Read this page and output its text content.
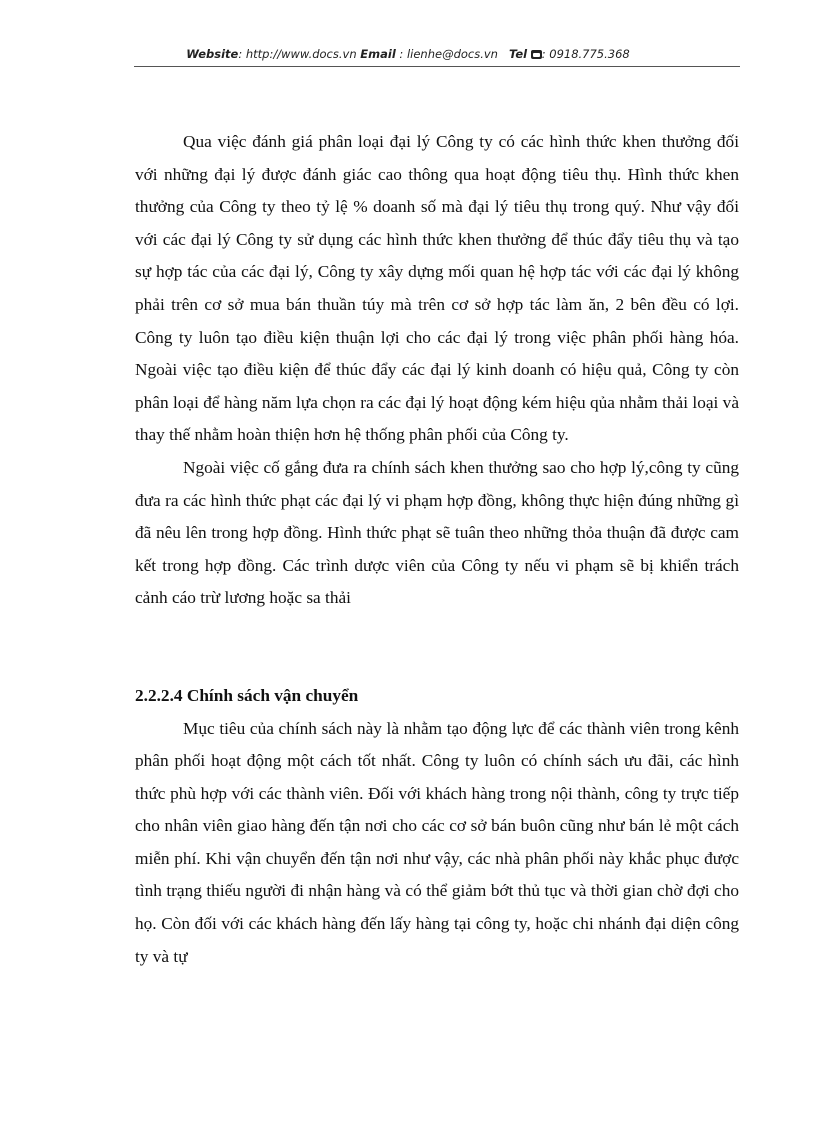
Website: http://www.docs.vn Email : lienhe@docs.vn Tel : 0918.775.368

Qua việc đánh giá phân loại đại lý Công ty có các hình thức khen thưởng đối với những đại lý được đánh giác cao thông qua hoạt động tiêu thụ. Hình thức khen thưởng của Công ty theo tỷ lệ % doanh số mà đại lý tiêu thụ trong quý. Như vậy đối với các đại lý Công ty sử dụng các hình thức khen thưởng để thúc đẩy tiêu thụ và tạo sự hợp tác của các đại lý, Công ty xây dựng mối quan hệ hợp tác với các đại lý không phải trên cơ sở mua bán thuần túy mà trên cơ sở hợp tác làm ăn, 2 bên đều có lợi. Công ty luôn tạo điều kiện thuận lợi cho các đại lý trong việc phân phối hàng hóa. Ngoài việc tạo điều kiện để thúc đẩy các đại lý kinh doanh có hiệu quả, Công ty còn phân loại để hàng năm lựa chọn ra các đại lý hoạt động kém hiệu qủa nhằm thải loại và thay thế nhằm hoàn thiện hơn hệ thống phân phối của Công ty.

Ngoài việc cố gắng đưa ra chính sách khen thưởng sao cho hợp lý,công ty cũng đưa ra các hình thức phạt các đại lý vi phạm hợp đồng, không thực hiện đúng những gì đã nêu lên trong hợp đồng. Hình thức phạt sẽ tuân theo những thỏa thuận đã được cam kết trong hợp đồng. Các trình dược viên của Công ty nếu vi phạm sẽ bị khiển trách cảnh cáo trừ lương hoặc sa thải

2.2.2.4 Chính sách vận chuyển

Mục tiêu của chính sách này là nhằm tạo động lực để các thành viên trong kênh phân phối hoạt động một cách tốt nhất. Công ty luôn có chính sách ưu đãi, các hình thức phù hợp với các thành viên. Đối với khách hàng trong nội thành, công ty trực tiếp cho nhân viên giao hàng đến tận nơi cho các cơ sở bán buôn cũng như bán lẻ một cách miễn phí. Khi vận chuyển đến tận nơi như vậy, các nhà phân phối này khắc phục được tình trạng thiếu người đi nhận hàng và có thể giảm bớt thủ tục và thời gian chờ đợi cho họ. Còn đối với các khách hàng đến lấy hàng tại công ty, hoặc chi nhánh đại diện công ty và tự
